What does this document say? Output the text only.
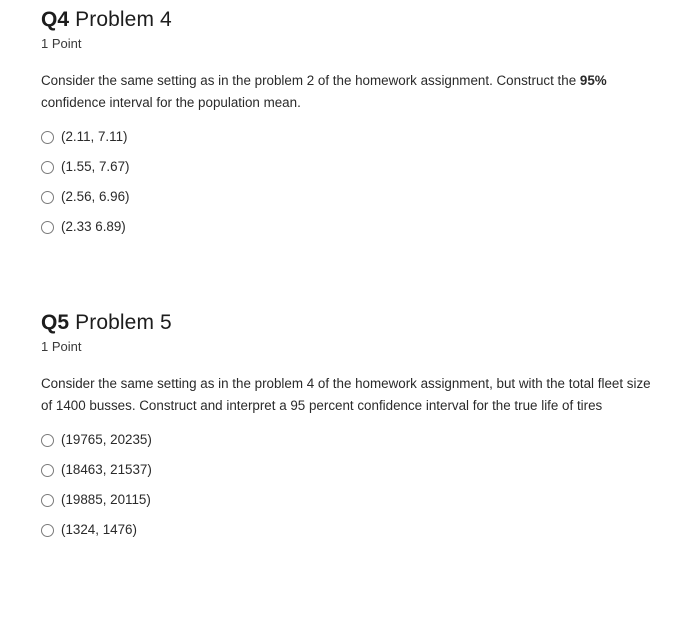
Q4 Problem 4
1 Point
Consider the same setting as in the problem 2 of the homework assignment. Construct the 95% confidence interval for the population mean.
(2.11, 7.11)
(1.55, 7.67)
(2.56, 6.96)
(2.33 6.89)
Q5 Problem 5
1 Point
Consider the same setting as in the problem 4 of the homework assignment, but with the total fleet size of 1400 busses. Construct and interpret a 95 percent confidence interval for the true life of tires
(19765, 20235)
(18463, 21537)
(19885, 20115)
(1324, 1476)
